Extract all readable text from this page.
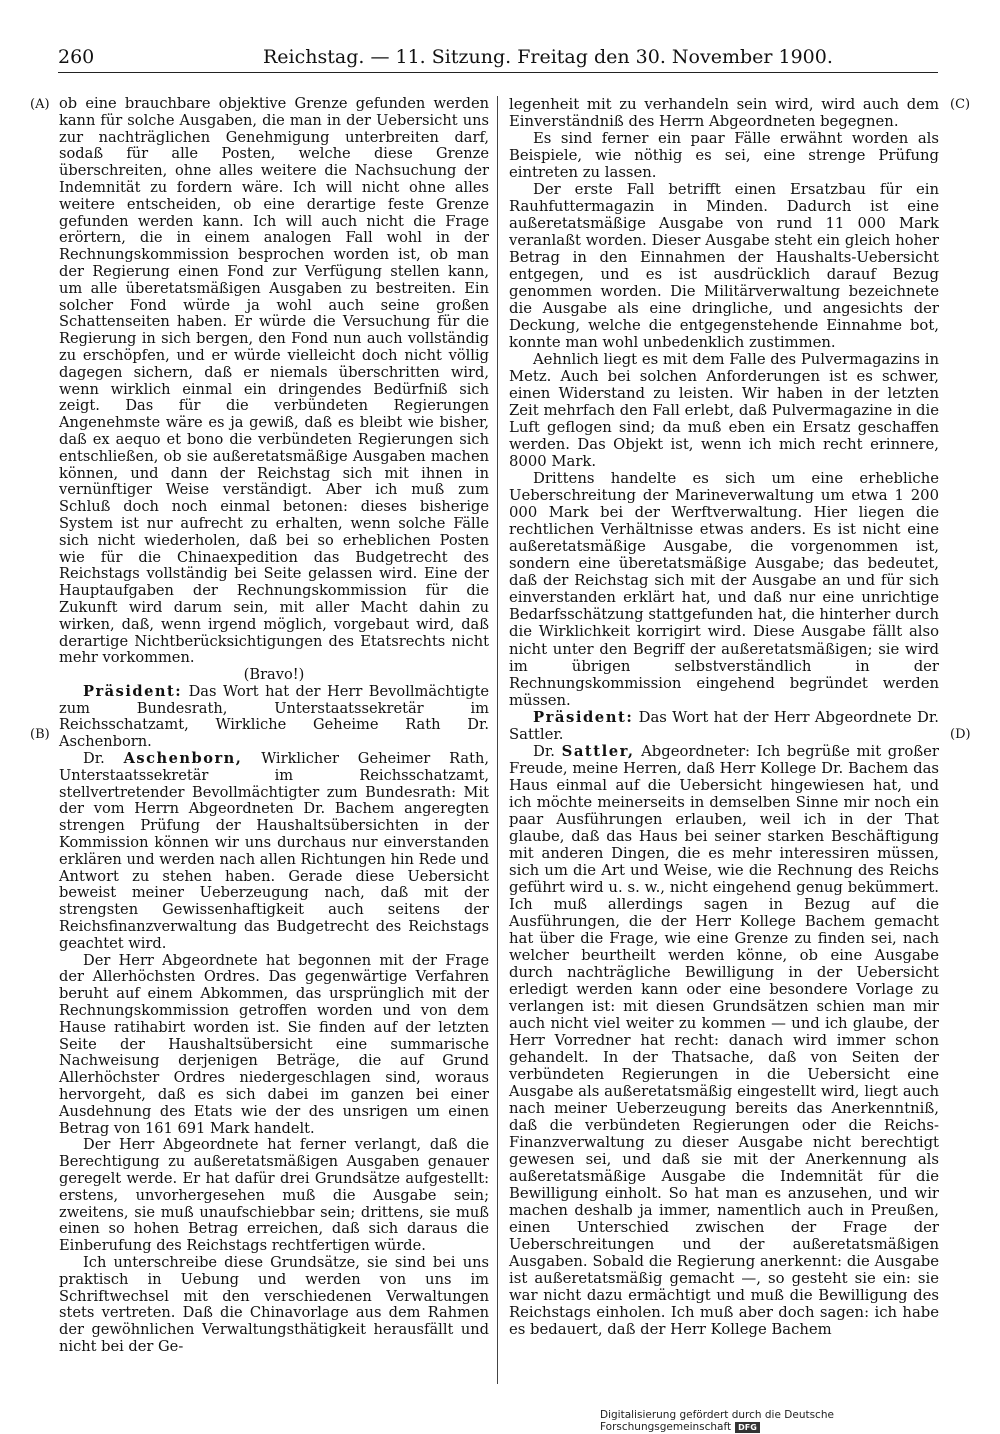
260	Reichstag. — 11. Sitzung. Freitag den 30. November 1900.
(A)
(B)
(C)
(D)

ob eine brauchbare objektive Grenze gefunden werden kann für solche Ausgaben, die man in der Uebersicht uns zur nachträglichen Genehmigung unterbreiten darf, sodaß für alle Posten, welche diese Grenze überschreiten, ohne alles weitere die Nachsuchung der Indemnität zu fordern wäre. Ich will nicht ohne alles weitere entscheiden, ob eine derartige feste Grenze gefunden werden kann. Ich will auch nicht die Frage erörtern, die in einem analogen Fall wohl in der Rechnungskommission besprochen worden ist, ob man der Regierung einen Fond zur Verfügung stellen kann, um alle überetatsmäßigen Ausgaben zu bestreiten. Ein solcher Fond würde ja wohl auch seine großen Schattenseiten haben. Er würde die Versuchung für die Regierung in sich bergen, den Fond nun auch vollständig zu erschöpfen, und er würde vielleicht doch nicht völlig dagegen sichern, daß er niemals überschritten wird, wenn wirklich einmal ein dringendes Bedürfniß sich zeigt. Das für die verbündeten Regierungen Angenehmste wäre es ja gewiß, daß es bleibt wie bisher, daß ex aequo et bono die verbündeten Regierungen sich entschließen, ob sie außeretatsmäßige Ausgaben machen können, und dann der Reichstag sich mit ihnen in vernünftiger Weise verständigt. Aber ich muß zum Schluß doch noch einmal betonen: dieses bisherige System ist nur aufrecht zu erhalten, wenn solche Fälle sich nicht wiederholen, daß bei so erheblichen Posten wie für die Chinaexpedition das Budgetrecht des Reichstags vollständig bei Seite gelassen wird. Eine der Hauptaufgaben der Rechnungskommission für die Zukunft wird darum sein, mit aller Macht dahin zu wirken, daß, wenn irgend möglich, vorgebaut wird, daß derartige Nichtberücksichtigungen des Etatsrechts nicht mehr vorkommen.

(Bravo!)

Präsident: Das Wort hat der Herr Bevollmächtigte zum Bundesrath, Unterstaatssekretär im Reichsschatzamt, Wirkliche Geheime Rath Dr. Aschenborn.

Dr. Aschenborn, Wirklicher Geheimer Rath, Unterstaatssekretär im Reichsschatzamt, stellvertretender Bevollmächtigter zum Bundesrath: Mit der vom Herrn Abgeordneten Dr. Bachem angeregten strengen Prüfung der Haushaltsübersichten in der Kommission können wir uns durchaus nur einverstanden erklären und werden nach allen Richtungen hin Rede und Antwort zu stehen haben. Gerade diese Uebersicht beweist meiner Ueberzeugung nach, daß mit der strengsten Gewissenhaftigkeit auch seitens der Reichsfinanzverwaltung das Budgetrecht des Reichstags geachtet wird.

Der Herr Abgeordnete hat begonnen mit der Frage der Allerhöchsten Ordres. Das gegenwärtige Verfahren beruht auf einem Abkommen, das ursprünglich mit der Rechnungskommission getroffen worden und von dem Hause ratihabirt worden ist. Sie finden auf der letzten Seite der Haushaltsübersicht eine summarische Nachweisung derjenigen Beträge, die auf Grund Allerhöchster Ordres niedergeschlagen sind, woraus hervorgeht, daß es sich dabei im ganzen bei einer Ausdehnung des Etats wie der des unsrigen um einen Betrag von 161 691 Mark handelt.

Der Herr Abgeordnete hat ferner verlangt, daß die Berechtigung zu außeretatsmäßigen Ausgaben genauer geregelt werde. Er hat dafür drei Grundsätze aufgestellt: erstens, unvorhergesehen muß die Ausgabe sein; zweitens, sie muß unaufschiebbar sein; drittens, sie muß einen so hohen Betrag erreichen, daß sich daraus die Einberufung des Reichstags rechtfertigen würde.

Ich unterschreibe diese Grundsätze, sie sind bei uns praktisch in Uebung und werden von uns im Schriftwechsel mit den verschiedenen Verwaltungen stets vertreten. Daß die Chinavorlage aus dem Rahmen der gewöhnlichen Verwaltungsthätigkeit herausfällt und nicht bei der Ge-

legenheit mit zu verhandeln sein wird, wird auch dem Einverständniß des Herrn Abgeordneten begegnen.

Es sind ferner ein paar Fälle erwähnt worden als Beispiele, wie nöthig es sei, eine strenge Prüfung eintreten zu lassen.

Der erste Fall betrifft einen Ersatzbau für ein Rauhfuttermagazin in Minden. Dadurch ist eine außeretatsmäßige Ausgabe von rund 11 000 Mark veranlaßt worden. Dieser Ausgabe steht ein gleich hoher Betrag in den Einnahmen der Haushalts-Uebersicht entgegen, und es ist ausdrücklich darauf Bezug genommen worden. Die Militärverwaltung bezeichnete die Ausgabe als eine dringliche, und angesichts der Deckung, welche die entgegenstehende Einnahme bot, konnte man wohl unbedenklich zustimmen.

Aehnlich liegt es mit dem Falle des Pulvermagazins in Metz. Auch bei solchen Anforderungen ist es schwer, einen Widerstand zu leisten. Wir haben in der letzten Zeit mehrfach den Fall erlebt, daß Pulvermagazine in die Luft geflogen sind; da muß eben ein Ersatz geschaffen werden. Das Objekt ist, wenn ich mich recht erinnere, 8000 Mark.

Drittens handelte es sich um eine erhebliche Ueberschreitung der Marineverwaltung um etwa 1 200 000 Mark bei der Werftverwaltung. Hier liegen die rechtlichen Verhältnisse etwas anders. Es ist nicht eine außeretatsmäßige Ausgabe, die vorgenommen ist, sondern eine überetatsmäßige Ausgabe; das bedeutet, daß der Reichstag sich mit der Ausgabe an und für sich einverstanden erklärt hat, und daß nur eine unrichtige Bedarfsschätzung stattgefunden hat, die hinterher durch die Wirklichkeit korrigirt wird. Diese Ausgabe fällt also nicht unter den Begriff der außeretatsmäßigen; sie wird im übrigen selbstverständlich in der Rechnungskommission eingehend begründet werden müssen.

Präsident: Das Wort hat der Herr Abgeordnete Dr. Sattler.

Dr. Sattler, Abgeordneter: Ich begrüße mit großer Freude, meine Herren, daß Herr Kollege Dr. Bachem das Haus einmal auf die Uebersicht hingewiesen hat, und ich möchte meinerseits in demselben Sinne mir noch ein paar Ausführungen erlauben, weil ich in der That glaube, daß das Haus bei seiner starken Beschäftigung mit anderen Dingen, die es mehr interessiren müssen, sich um die Art und Weise, wie die Rechnung des Reichs geführt wird u. s. w., nicht eingehend genug bekümmert. Ich muß allerdings sagen in Bezug auf die Ausführungen, die der Herr Kollege Bachem gemacht hat über die Frage, wie eine Grenze zu finden sei, nach welcher beurtheilt werden könne, ob eine Ausgabe durch nachträgliche Bewilligung in der Uebersicht erledigt werden kann oder eine besondere Vorlage zu verlangen ist: mit diesen Grundsätzen schien man mir auch nicht viel weiter zu kommen — und ich glaube, der Herr Vorredner hat recht: danach wird immer schon gehandelt. In der Thatsache, daß von Seiten der verbündeten Regierungen in die Uebersicht eine Ausgabe als außeretatsmäßig eingestellt wird, liegt auch nach meiner Ueberzeugung bereits das Anerkenntniß, daß die verbündeten Regierungen oder die Reichs-Finanzverwaltung zu dieser Ausgabe nicht berechtigt gewesen sei, und daß sie mit der Anerkennung als außeretatsmäßige Ausgabe die Indemnität für die Bewilligung einholt. So hat man es anzusehen, und wir machen deshalb ja immer, namentlich auch in Preußen, einen Unterschied zwischen der Frage der Ueberschreitungen und der außeretatsmäßigen Ausgaben. Sobald die Regierung anerkennt: die Ausgabe ist außeretatsmäßig gemacht —, so gesteht sie ein: sie war nicht dazu ermächtigt und muß die Bewilligung des Reichstags einholen. Ich muß aber doch sagen: ich habe es bedauert, daß der Herr Kollege Bachem

Digitalisierung gefördert durch die Deutsche Forschungsgemeinschaft DFG
